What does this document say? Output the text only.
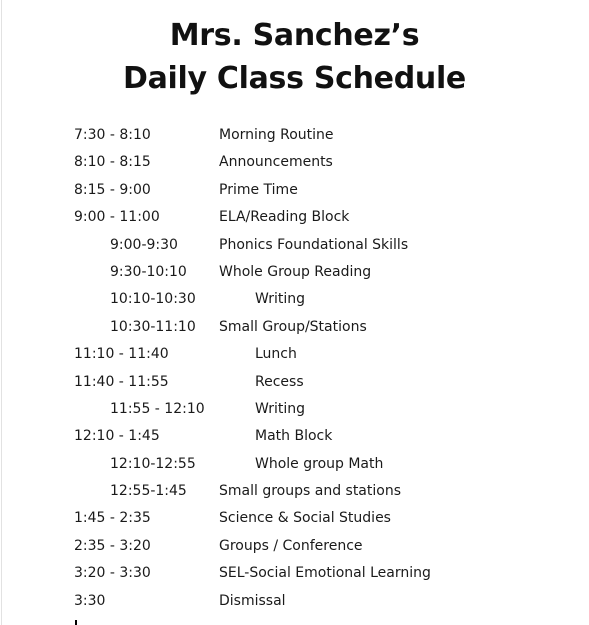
Mrs. Sanchez’s
Daily Class Schedule
7:30 - 8:10	Morning Routine
8:10 - 8:15	Announcements
8:15 - 9:00	Prime Time
9:00 - 11:00	ELA/Reading Block
9:00-9:30	Phonics Foundational Skills
9:30-10:10 Whole Group Reading
10:10-10:30	Writing
10:30-11:10 Small Group/Stations
11:10 - 11:40	Lunch
11:40 - 11:55	Recess
11:55 - 12:10	Writing
12:10 - 1:45	Math Block
12:10-12:55	Whole group Math
12:55-1:45 Small groups and stations
1:45 - 2:35	Science & Social Studies
2:35 - 3:20	Groups / Conference
3:20 - 3:30	SEL-Social Emotional Learning
3:30	Dismissal
